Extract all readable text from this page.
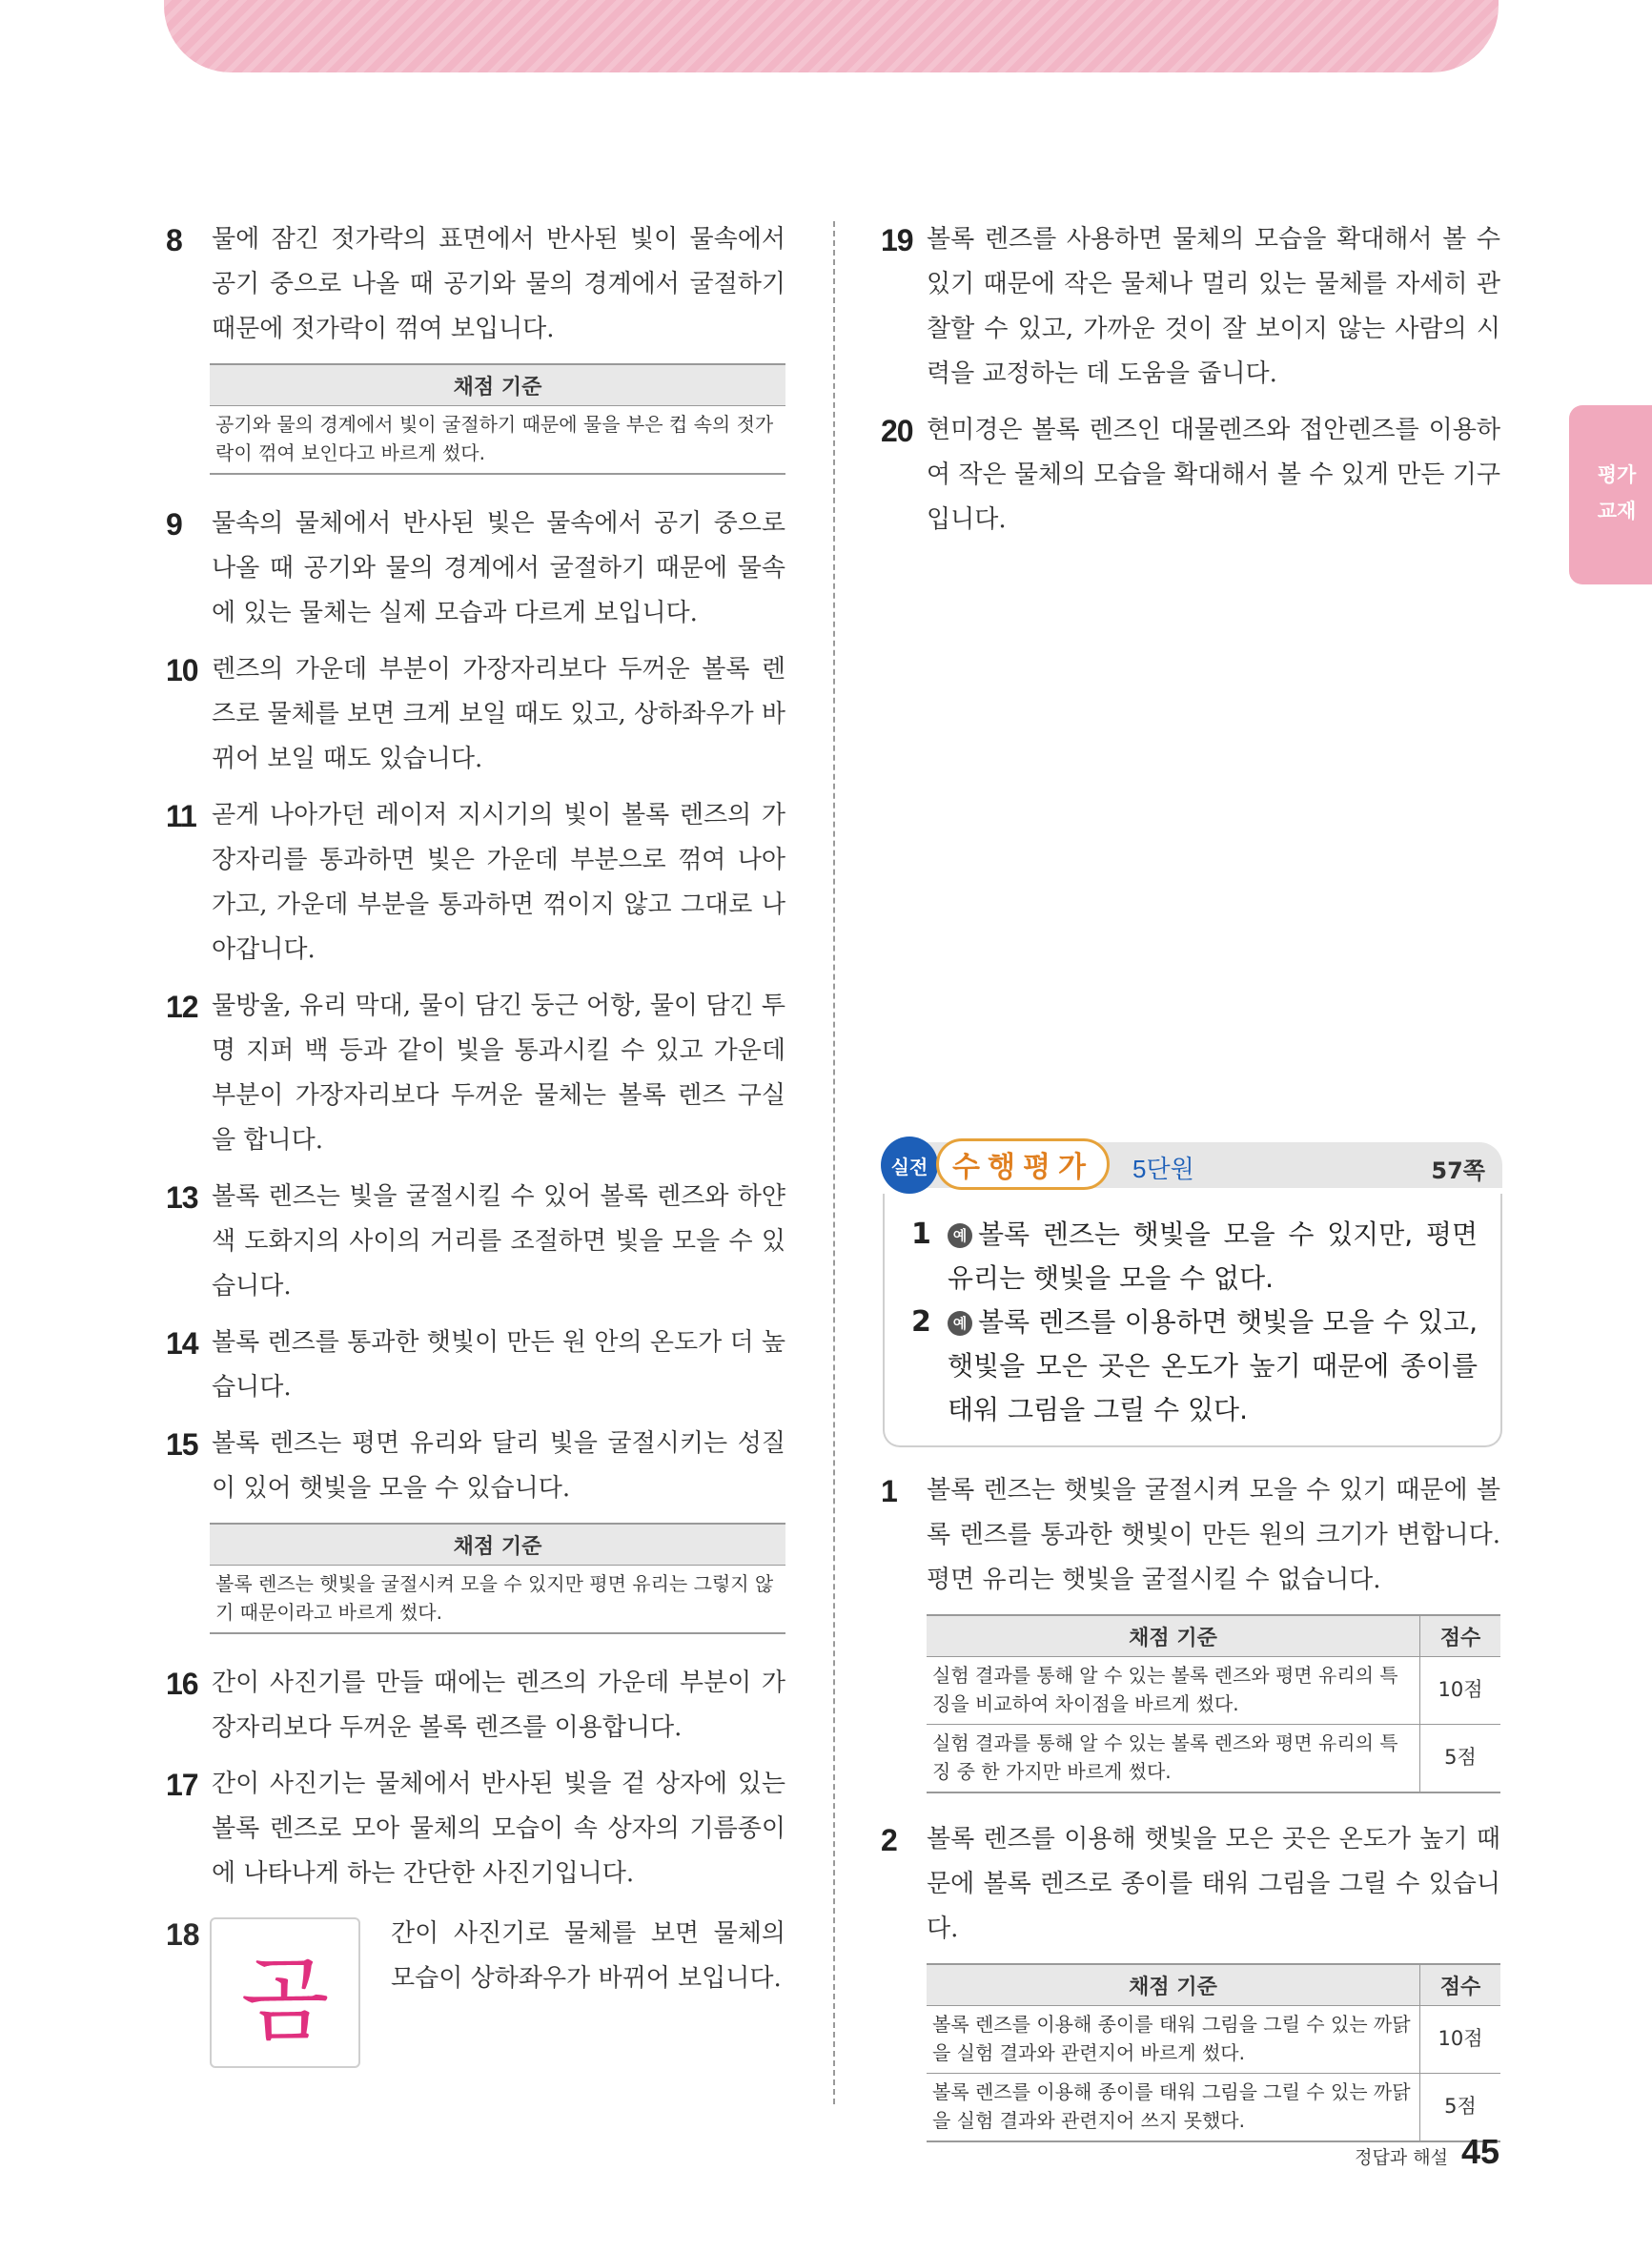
평가
교재
8 물에 잠긴 젓가락의 표면에서 반사된 빛이 물속에서 공기 중으로 나올 때 공기와 물의 경계에서 굴절하기 때문에 젓가락이 꺾여 보입니다.
채점 기준
공기와 물의 경계에서 빛이 굴절하기 때문에 물을 부은 컵 속의 젓가락이 꺾여 보인다고 바르게 썼다.
9 물속의 물체에서 반사된 빛은 물속에서 공기 중으로 나올 때 공기와 물의 경계에서 굴절하기 때문에 물속에 있는 물체는 실제 모습과 다르게 보입니다.
10 렌즈의 가운데 부분이 가장자리보다 두꺼운 볼록 렌즈로 물체를 보면 크게 보일 때도 있고, 상하좌우가 바뀌어 보일 때도 있습니다.
11 곧게 나아가던 레이저 지시기의 빛이 볼록 렌즈의 가장자리를 통과하면 빛은 가운데 부분으로 꺾여 나아가고, 가운데 부분을 통과하면 꺾이지 않고 그대로 나아갑니다.
12 물방울, 유리 막대, 물이 담긴 둥근 어항, 물이 담긴 투명 지퍼 백 등과 같이 빛을 통과시킬 수 있고 가운데 부분이 가장자리보다 두꺼운 물체는 볼록 렌즈 구실을 합니다.
13 볼록 렌즈는 빛을 굴절시킬 수 있어 볼록 렌즈와 하얀색 도화지의 사이의 거리를 조절하면 빛을 모을 수 있습니다.
14 볼록 렌즈를 통과한 햇빛이 만든 원 안의 온도가 더 높습니다.
15 볼록 렌즈는 평면 유리와 달리 빛을 굴절시키는 성질이 있어 햇빛을 모을 수 있습니다.
채점 기준
볼록 렌즈는 햇빛을 굴절시켜 모을 수 있지만 평면 유리는 그렇지 않기 때문이라고 바르게 썼다.
16 간이 사진기를 만들 때에는 렌즈의 가운데 부분이 가장자리보다 두꺼운 볼록 렌즈를 이용합니다.
17 간이 사진기는 물체에서 반사된 빛을 겉 상자에 있는 볼록 렌즈로 모아 물체의 모습이 속 상자의 기름종이에 나타나게 하는 간단한 사진기입니다.
18
곰
간이 사진기로 물체를 보면 물체의 모습이 상하좌우가 바뀌어 보입니다.
19 볼록 렌즈를 사용하면 물체의 모습을 확대해서 볼 수 있기 때문에 작은 물체나 멀리 있는 물체를 자세히 관찰할 수 있고, 가까운 것이 잘 보이지 않는 사람의 시력을 교정하는 데 도움을 줍니다.
20 현미경은 볼록 렌즈인 대물렌즈와 접안렌즈를 이용하여 작은 물체의 모습을 확대해서 볼 수 있게 만든 기구입니다.
실전 수행평가	5단원	57쪽
1	예 볼록 렌즈는 햇빛을 모을 수 있지만, 평면 유리는 햇빛을 모을 수 없다.
2	예 볼록 렌즈를 이용하면 햇빛을 모을 수 있고, 햇빛을 모은 곳은 온도가 높기 때문에 종이를 태워 그림을 그릴 수 있다.
1 볼록 렌즈는 햇빛을 굴절시켜 모을 수 있기 때문에 볼록 렌즈를 통과한 햇빛이 만든 원의 크기가 변합니다. 평면 유리는 햇빛을 굴절시킬 수 없습니다.
채점 기준	점수
실험 결과를 통해 알 수 있는 볼록 렌즈와 평면 유리의 특징을 비교하여 차이점을 바르게 썼다.	10점
실험 결과를 통해 알 수 있는 볼록 렌즈와 평면 유리의 특징 중 한 가지만 바르게 썼다.	5점
2 볼록 렌즈를 이용해 햇빛을 모은 곳은 온도가 높기 때문에 볼록 렌즈로 종이를 태워 그림을 그릴 수 있습니다.
채점 기준	점수
볼록 렌즈를 이용해 종이를 태워 그림을 그릴 수 있는 까닭을 실험 결과와 관련지어 바르게 썼다.	10점
볼록 렌즈를 이용해 종이를 태워 그림을 그릴 수 있는 까닭을 실험 결과와 관련지어 쓰지 못했다.	5점
정답과 해설 45
